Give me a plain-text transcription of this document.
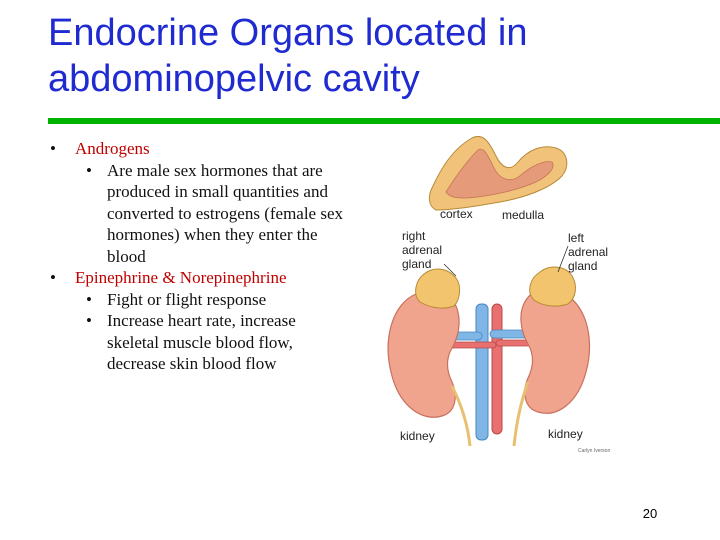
Endocrine Organs located in abdominopelvic cavity

• Androgens

• Are male sex hormones that are produced in small quantities and converted to estrogens (female sex hormones) when they enter the blood

• Epinephrine & Norepinephrine

• Fight or flight response

• Increase heart rate, increase skeletal muscle blood flow, decrease skin blood flow

cortex medulla
right
adrenal
gland
left
adrenal
gland
kidney	kidney
Carlyn Iverson
20
